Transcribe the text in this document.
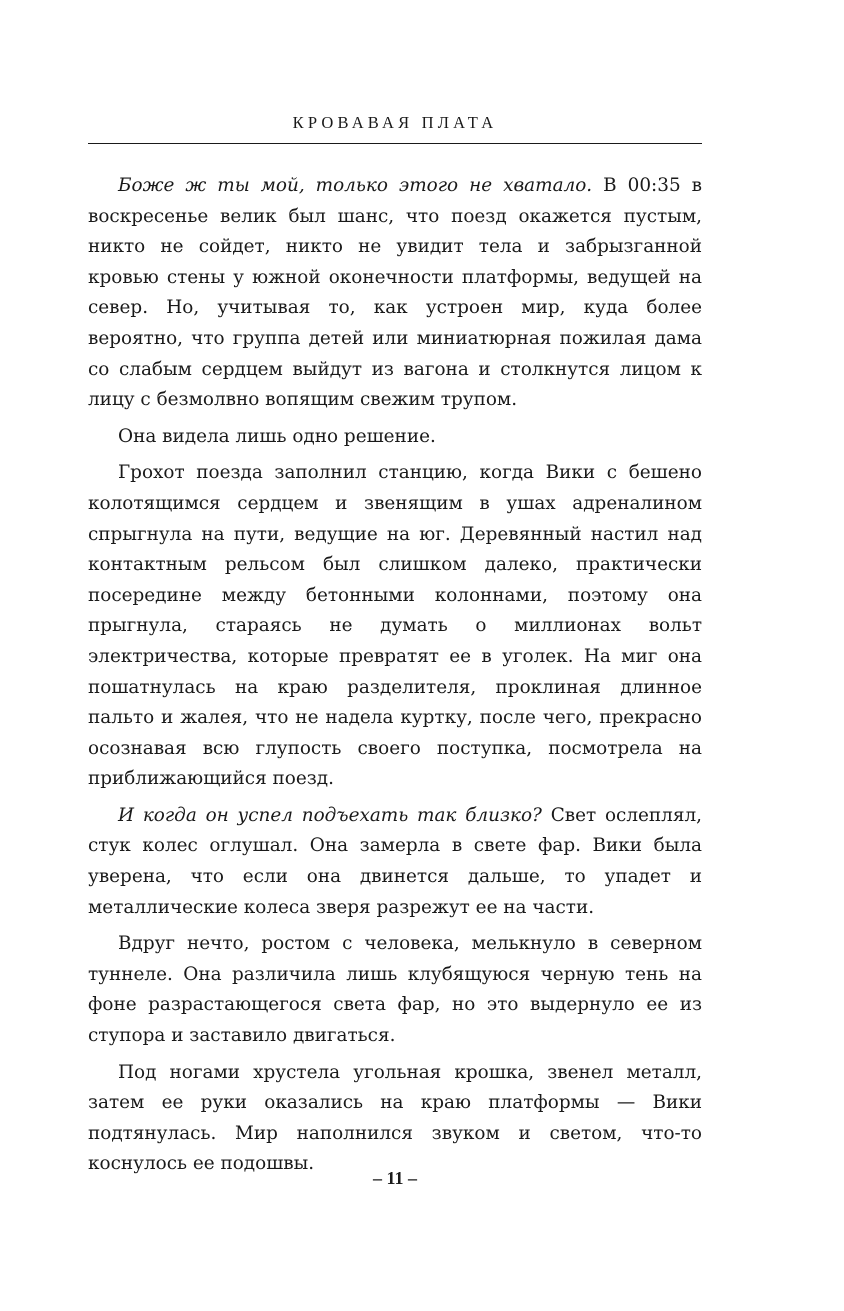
КРОВАВАЯ ПЛАТА

Боже ж ты мой, только этого не хватало. В 00:35 в воскресенье велик был шанс, что поезд окажется пустым, никто не сойдет, никто не увидит тела и забрызганной кровью стены у южной оконечности платформы, ведущей на север. Но, учитывая то, как устроен мир, куда более вероятно, что группа детей или миниатюрная пожилая дама со слабым сердцем выйдут из вагона и столкнутся лицом к лицу с безмолвно вопящим свежим трупом.

Она видела лишь одно решение.

Грохот поезда заполнил станцию, когда Вики с бешено колотящимся сердцем и звенящим в ушах адреналином спрыгнула на пути, ведущие на юг. Деревянный настил над контактным рельсом был слишком далеко, практически посередине между бетонными колоннами, поэтому она прыгнула, стараясь не думать о миллионах вольт электричества, которые превратят ее в уголек. На миг она пошатнулась на краю разделителя, проклиная длинное пальто и жалея, что не надела куртку, после чего, прекрасно осознавая всю глупость своего поступка, посмотрела на приближающийся поезд.

И когда он успел подъехать так близко? Свет ослеплял, стук колес оглушал. Она замерла в свете фар. Вики была уверена, что если она двинется дальше, то упадет и металлические колеса зверя разрежут ее на части.

Вдруг нечто, ростом с человека, мелькнуло в северном туннеле. Она различила лишь клубящуюся черную тень на фоне разрастающегося света фар, но это выдернуло ее из ступора и заставило двигаться.

Под ногами хрустела угольная крошка, звенел металл, затем ее руки оказались на краю платформы — Вики подтянулась. Мир наполнился звуком и светом, что-то коснулось ее подошвы.

– 11 –
